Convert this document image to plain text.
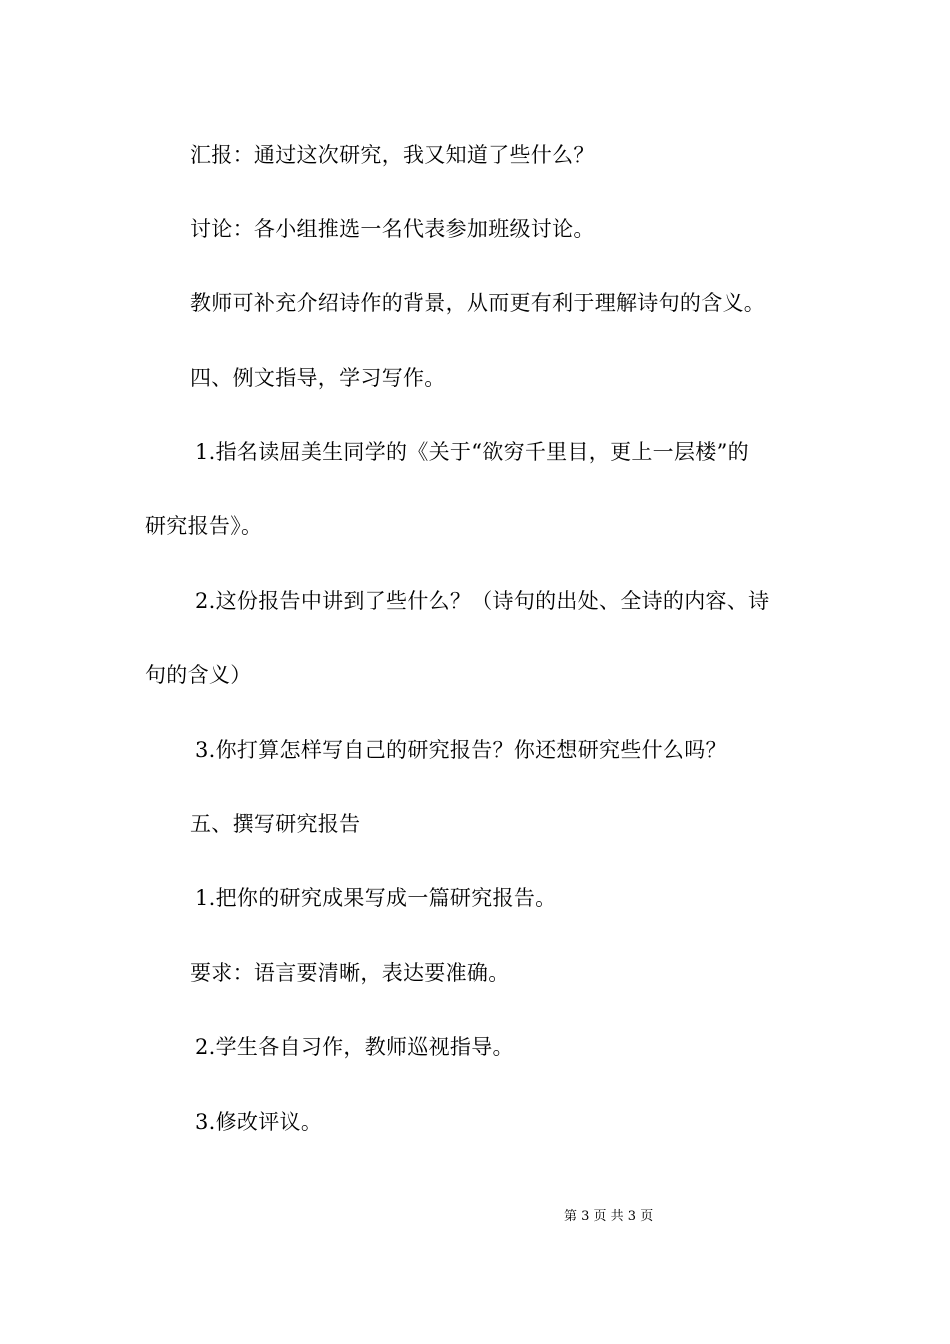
汇报：通过这次研究，我又知道了些什么？
讨论：各小组推选一名代表参加班级讨论。
教师可补充介绍诗作的背景，从而更有利于理解诗句的含义。
四、例文指导，学习写作。
1.指名读屈美生同学的《关于“欲穷千里目，更上一层楼”的
研究报告》。
2.这份报告中讲到了些什么？（诗句的出处、全诗的内容、诗
句的含义）
3.你打算怎样写自己的研究报告？你还想研究些什么吗？
五、撰写研究报告
1.把你的研究成果写成一篇研究报告。
要求：语言要清晰，表达要准确。
2.学生各自习作，教师巡视指导。
3.修改评议。
第 3 页 共 3 页
